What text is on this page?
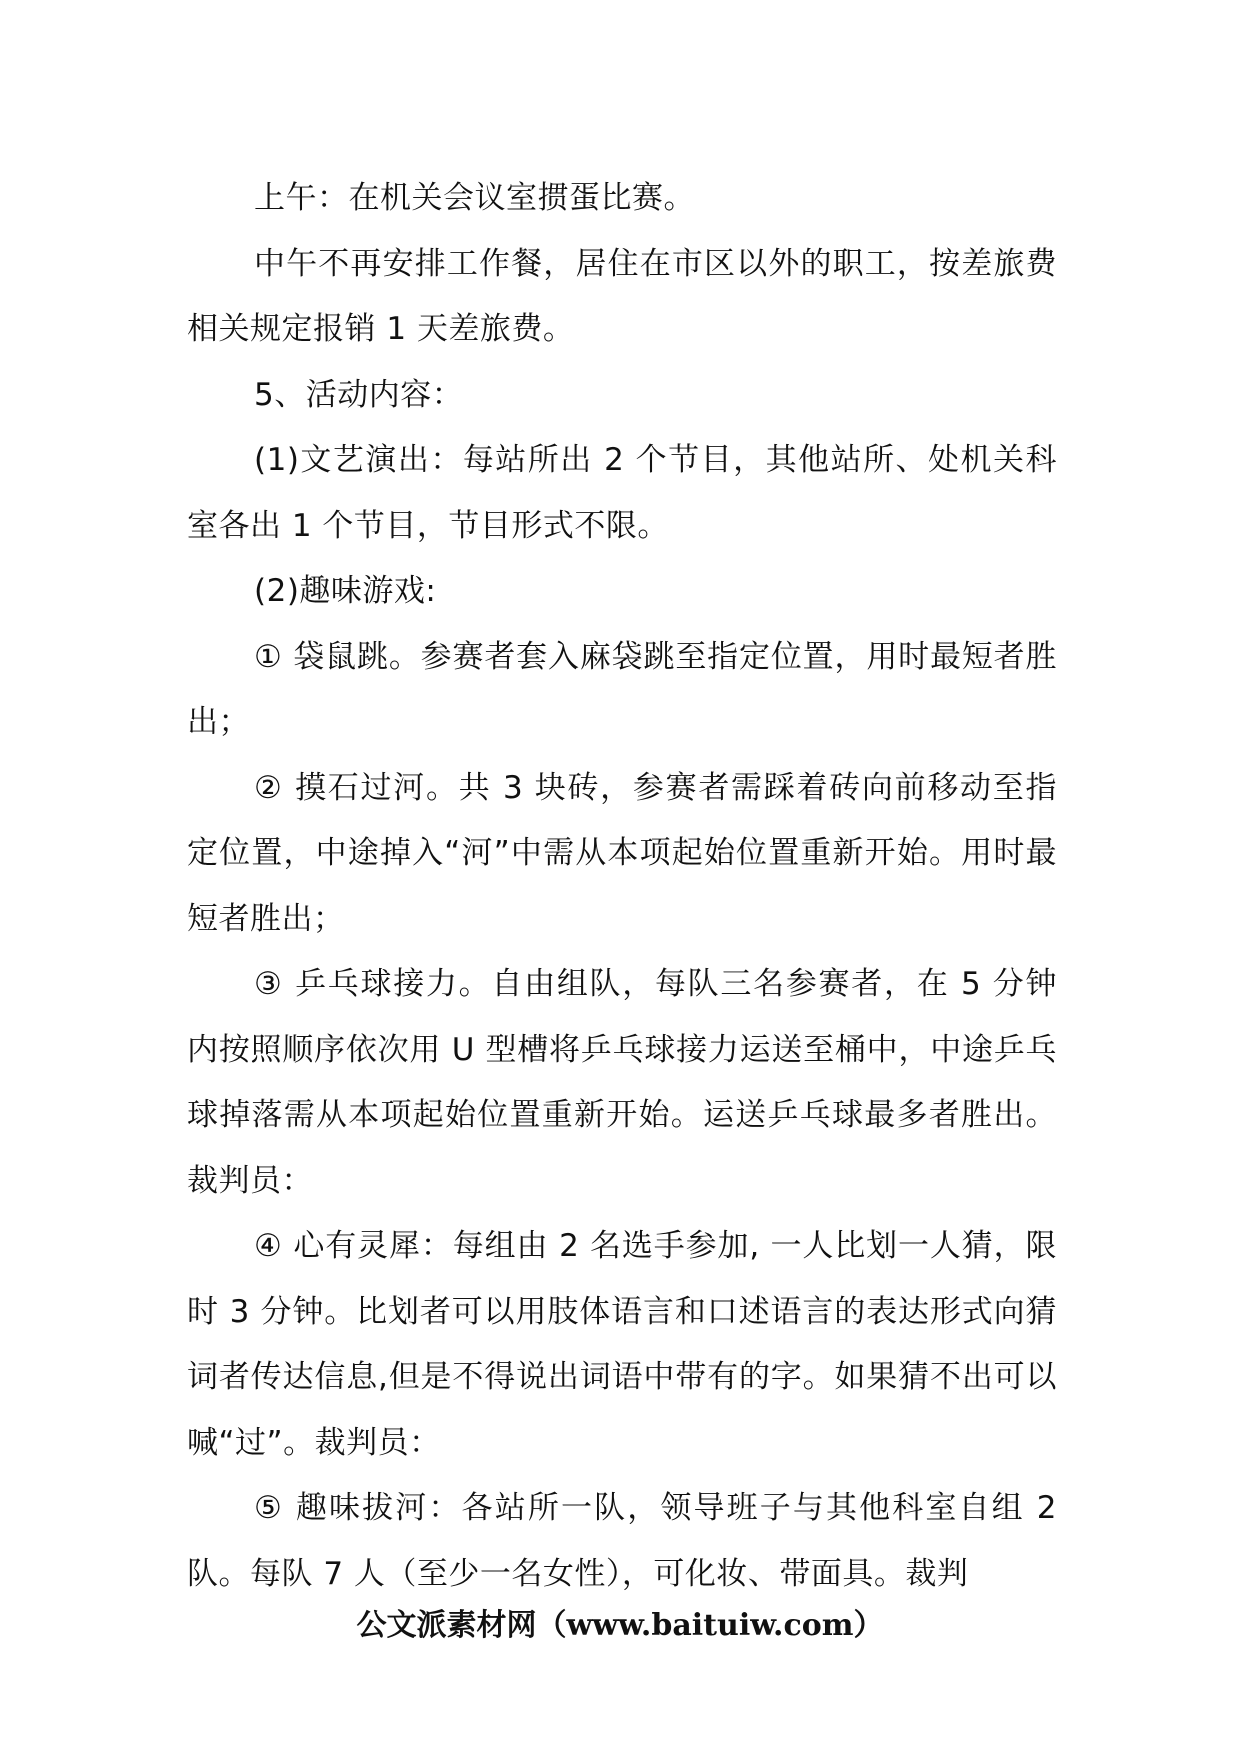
上午：在机关会议室掼蛋比赛。

中午不再安排工作餐，居住在市区以外的职工，按差旅费相关规定报销 1 天差旅费。

5、活动内容：

(1)文艺演出：每站所出 2 个节目，其他站所、处机关科室各出 1 个节目，节目形式不限。

(2)趣味游戏:

① 袋鼠跳。参赛者套入麻袋跳至指定位置，用时最短者胜出；

② 摸石过河。共 3 块砖，参赛者需踩着砖向前移动至指定位置，中途掉入“河”中需从本项起始位置重新开始。用时最短者胜出；

③ 乒乓球接力。自由组队，每队三名参赛者，在 5 分钟内按照顺序依次用 U 型槽将乒乓球接力运送至桶中，中途乒乓球掉落需从本项起始位置重新开始。运送乒乓球最多者胜出。裁判员：

④ 心有灵犀：每组由 2 名选手参加, 一人比划一人猜，限时 3 分钟。比划者可以用肢体语言和口述语言的表达形式向猜词者传达信息,但是不得说出词语中带有的字。如果猜不出可以喊“过”。裁判员：

⑤ 趣味拔河：各站所一队，领导班子与其他科室自组 2 队。每队 7 人（至少一名女性），可化妆、带面具。裁判

公文派素材网（www.baituiw.com）
